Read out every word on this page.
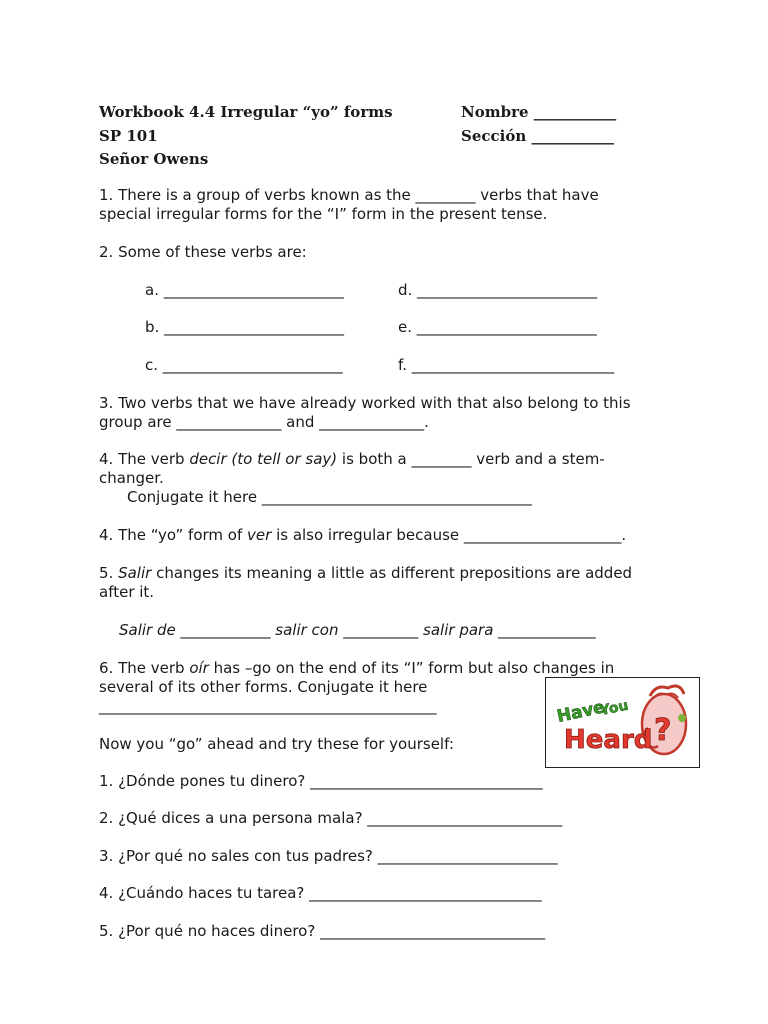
Workbook 4.4 Irregular “yo” forms
SP 101
Señor Owens
Nombre ___________
Sección ___________
1. There is a group of verbs known as the ________ verbs that have
special irregular forms for the “I” form in the present tense.
2. Some of these verbs are:
a. ________________________	d. ________________________
b. ________________________	e. ________________________
c. ________________________	f. ___________________________
3. Two verbs that we have already worked with that also belong to this
group are ______________ and ______________.
4. The verb decir (to tell or say) is both a ________ verb and a stem-
changer.
Conjugate it here ____________________________________
4. The “yo” form of ver is also irregular because _____________________.
5. Salir changes its meaning a little as different prepositions are added
after it.
Salir de ____________ salir con __________ salir para _____________
6. The verb oír has –go on the end of its “I” form but also changes in
several of its other forms. Conjugate it here
_____________________________________________	Have
You
Heard ?
Now you “go” ahead and try these for yourself:
1. ¿Dónde pones tu dinero? _______________________________
2. ¿Qué dices a una persona mala? __________________________
3. ¿Por qué no sales con tus padres? ________________________
4. ¿Cuándo haces tu tarea? _______________________________
5. ¿Por qué no haces dinero? ______________________________
